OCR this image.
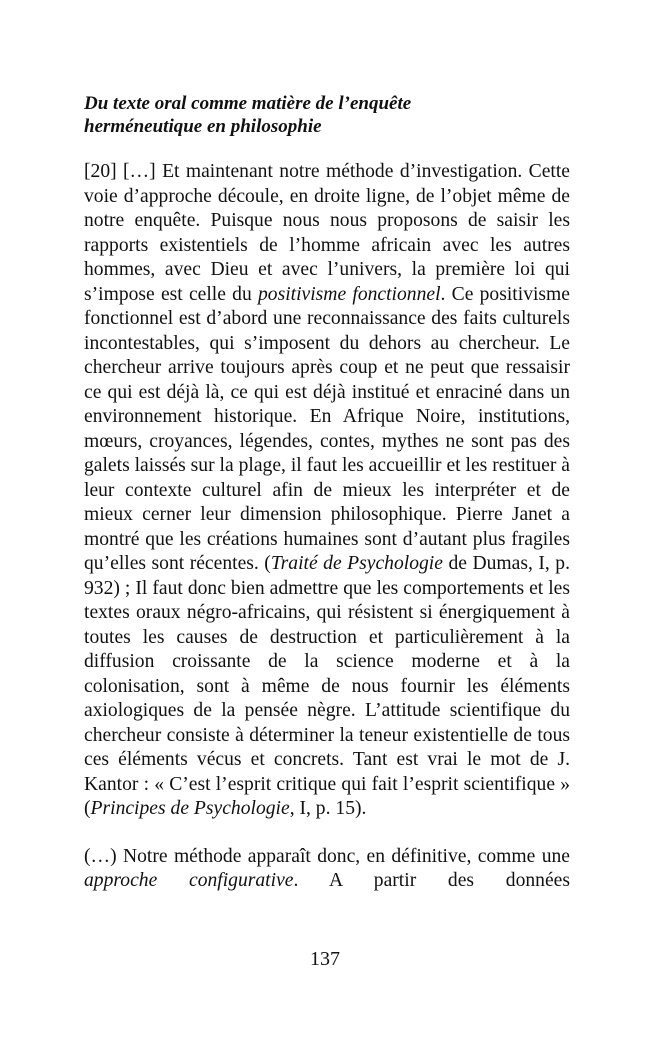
Du texte oral comme matière de l’enquête
herméneutique en philosophie

[20] […] Et maintenant notre méthode d’investigation. Cette voie d’approche découle, en droite ligne, de l’objet même de notre enquête. Puisque nous nous proposons de saisir les rapports existentiels de l’homme africain avec les autres hommes, avec Dieu et avec l’univers, la première loi qui s’impose est celle du positivisme fonctionnel. Ce positivisme fonctionnel est d’abord une reconnaissance des faits culturels incontestables, qui s’imposent du dehors au chercheur. Le chercheur arrive toujours après coup et ne peut que ressaisir ce qui est déjà là, ce qui est déjà institué et enraciné dans un environnement historique. En Afrique Noire, institutions, mœurs, croyances, légendes, contes, mythes ne sont pas des galets laissés sur la plage, il faut les accueillir et les restituer à leur contexte culturel afin de mieux les interpréter et de mieux cerner leur dimension philosophique. Pierre Janet a montré que les créations humaines sont d’autant plus fragiles qu’elles sont récentes. (Traité de Psychologie de Dumas, I, p. 932) ; Il faut donc bien admettre que les comportements et les textes oraux négro-africains, qui résistent si énergiquement à toutes les causes de destruction et particulièrement à la diffusion croissante de la science moderne et à la colonisation, sont à même de nous fournir les éléments axiologiques de la pensée nègre. L’attitude scientifique du chercheur consiste à déterminer la teneur existentielle de tous ces éléments vécus et concrets. Tant est vrai le mot de J. Kantor : « C’est l’esprit critique qui fait l’esprit scientifique » (Principes de Psychologie, I, p. 15).

(…) Notre méthode apparaît donc, en définitive, comme une approche configurative. A partir des données

137
